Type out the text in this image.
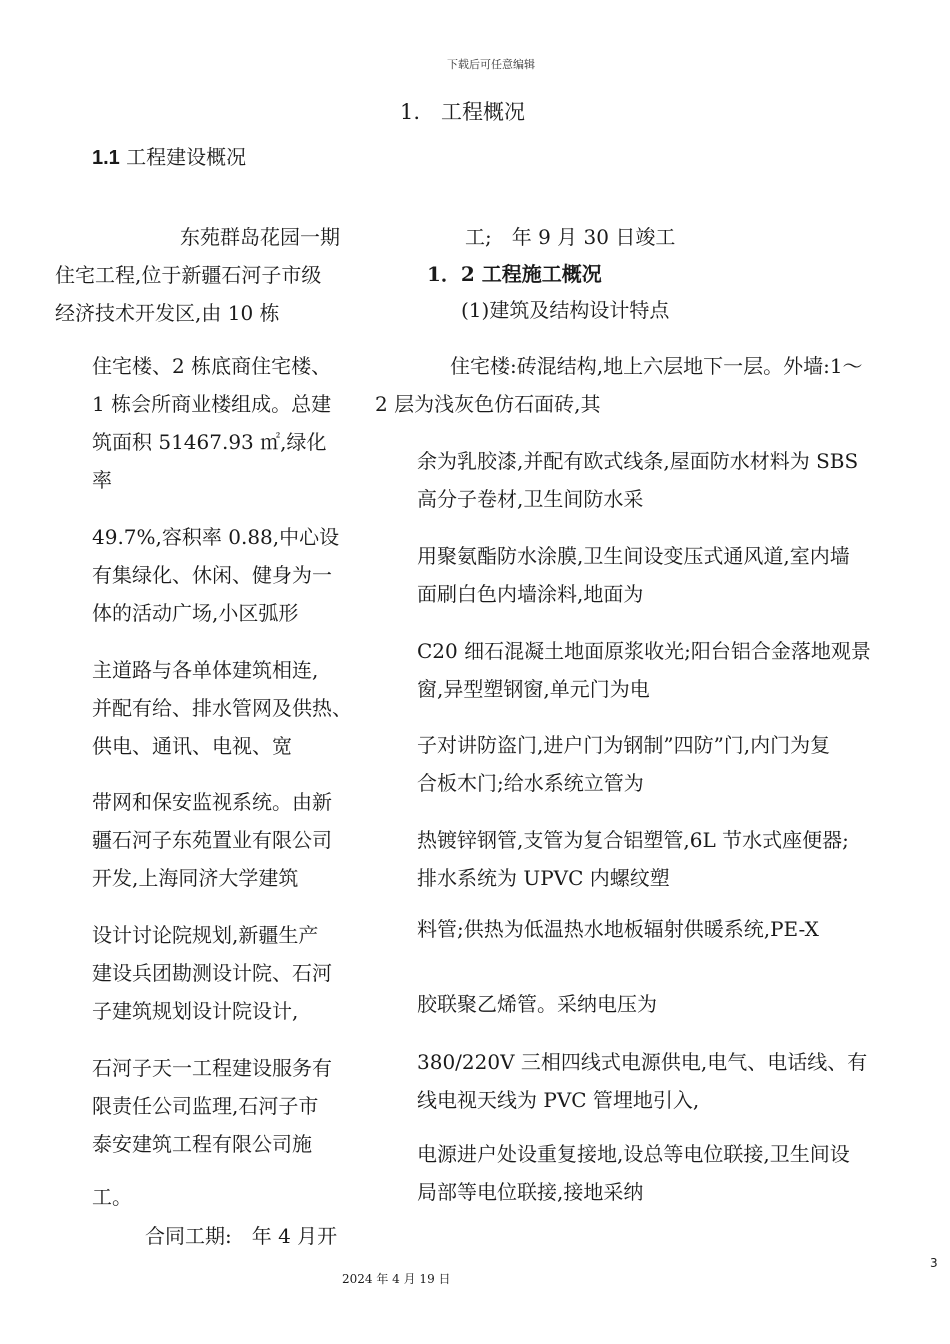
下载后可任意编辑
1.　工程概况
1.1 工程建设概况
东苑群岛花园一期
住宅工程,位于新疆石河子市级
经济技术开发区,由 10 栋
住宅楼、2 栋底商住宅楼、
1 栋会所商业楼组成。总建
筑面积 51467.93 ㎡,绿化
率
49.7%,容积率 0.88,中心设
有集绿化、休闲、健身为一
体的活动广场,小区弧形
主道路与各单体建筑相连,
并配有给、排水管网及供热、
供电、通讯、电视、宽
带网和保安监视系统。由新
疆石河子东苑置业有限公司
开发,上海同济大学建筑
设计讨论院规划,新疆生产
建设兵团勘测设计院、石河
子建筑规划设计院设计,
石河子天一工程建设服务有
限责任公司监理,石河子市
泰安建筑工程有限公司施
工。
合同工期:　年 4 月开
工;　年 9 月 30 日竣工
1．2 工程施工概况
(1)建筑及结构设计特点
住宅楼:砖混结构,地上六层地下一层。外墙:1～
2 层为浅灰色仿石面砖,其
余为乳胶漆,并配有欧式线条,屋面防水材料为 SBS
高分子卷材,卫生间防水采
用聚氨酯防水涂膜,卫生间设变压式通风道,室内墙
面刷白色内墙涂料,地面为
C20 细石混凝土地面原浆收光;阳台铝合金落地观景
窗,异型塑钢窗,单元门为电
子对讲防盗门,进户门为钢制”四防”门,内门为复
合板木门;给水系统立管为
热镀锌钢管,支管为复合铝塑管,6L 节水式座便器;
排水系统为 UPVC 内螺纹塑
料管;供热为低温热水地板辐射供暖系统,PE-X
胶联聚乙烯管。采纳电压为
380/220V 三相四线式电源供电,电气、电话线、有
线电视天线为 PVC 管埋地引入,
电源进户处设重复接地,设总等电位联接,卫生间设
局部等电位联接,接地采纳
3
2024 年 4 月 19 日
